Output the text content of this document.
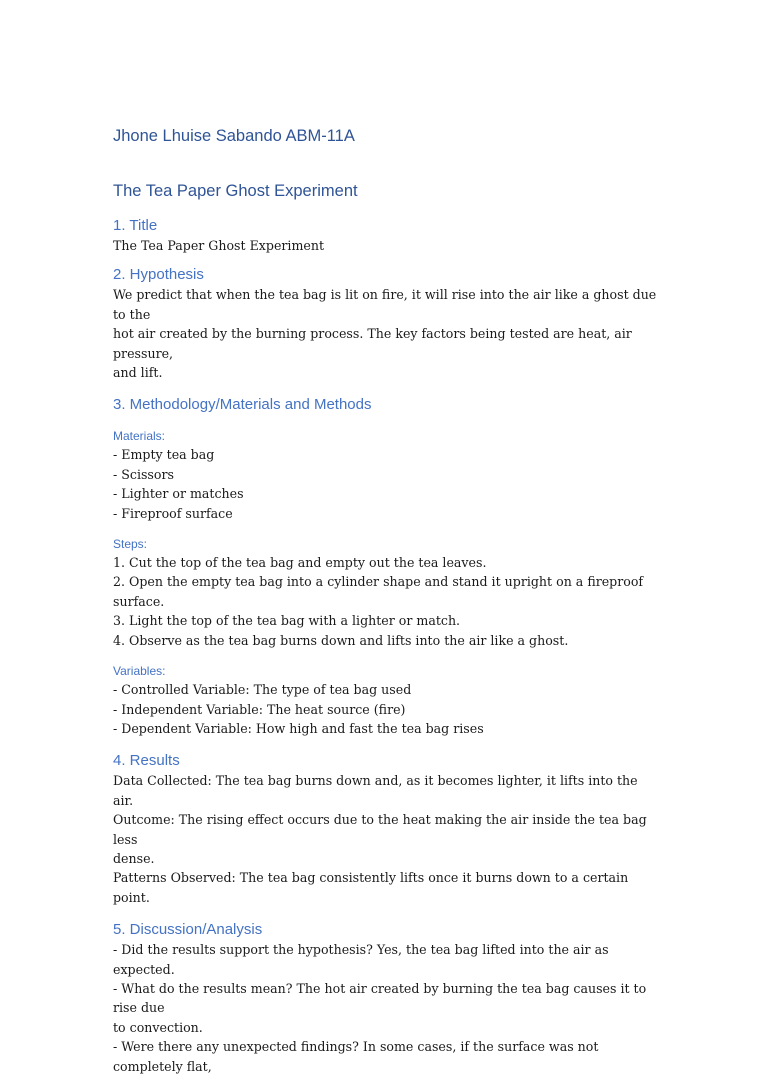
Jhone Lhuise Sabando ABM-11A
The Tea Paper Ghost Experiment
1. Title

The Tea Paper Ghost Experiment

2. Hypothesis
We predict that when the tea bag is lit on fire, it will rise into the air like a ghost due to the
hot air created by the burning process. The key factors being tested are heat, air pressure,
and lift.
3. Methodology/Materials and Methods
Materials:
- Empty tea bag
- Scissors
- Lighter or matches
- Fireproof surface
Steps:
1. Cut the top of the tea bag and empty out the tea leaves.
2. Open the empty tea bag into a cylinder shape and stand it upright on a fireproof surface.
3. Light the top of the tea bag with a lighter or match.
4. Observe as the tea bag burns down and lifts into the air like a ghost.
Variables:
- Controlled Variable: The type of tea bag used
- Independent Variable: The heat source (fire)
- Dependent Variable: How high and fast the tea bag rises
4. Results
Data Collected: The tea bag burns down and, as it becomes lighter, it lifts into the air.
Outcome: The rising effect occurs due to the heat making the air inside the tea bag less
dense.
Patterns Observed: The tea bag consistently lifts once it burns down to a certain point.
5. Discussion/Analysis
- Did the results support the hypothesis? Yes, the tea bag lifted into the air as expected.
- What do the results mean? The hot air created by burning the tea bag causes it to rise due
to convection.
- Were there any unexpected findings? In some cases, if the surface was not completely flat,
